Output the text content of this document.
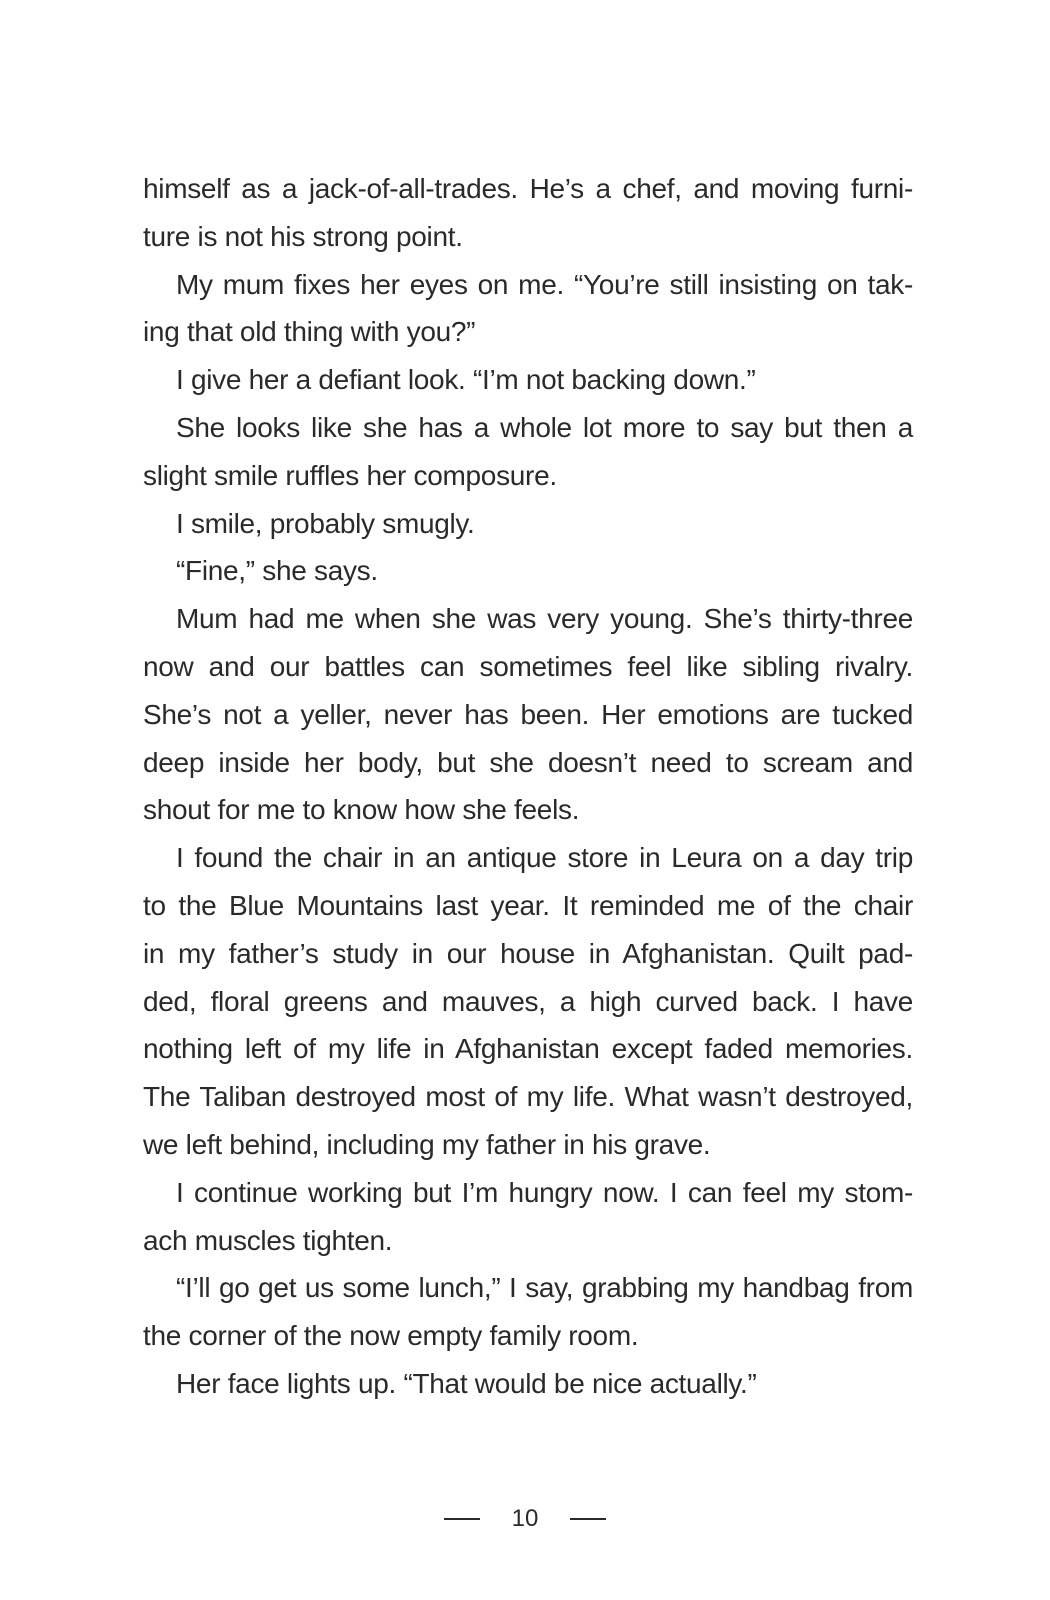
himself as a jack-of-all-trades. He’s a chef, and moving furni-
ture is not his strong point.
My mum fixes her eyes on me. “You’re still insisting on tak-
ing that old thing with you?”
I give her a defiant look. “I’m not backing down.”
She looks like she has a whole lot more to say but then a
slight smile ruffles her composure.
I smile, probably smugly.
“Fine,” she says.
Mum had me when she was very young. She’s thirty-three
now and our battles can sometimes feel like sibling rivalry.
She’s not a yeller, never has been. Her emotions are tucked
deep inside her body, but she doesn’t need to scream and
shout for me to know how she feels.
I found the chair in an antique store in Leura on a day trip
to the Blue Mountains last year. It reminded me of the chair
in my father’s study in our house in Afghanistan. Quilt pad-
ded, floral greens and mauves, a high curved back. I have
nothing left of my life in Afghanistan except faded memories.
The Taliban destroyed most of my life. What wasn’t destroyed,
we left behind, including my father in his grave.
I continue working but I’m hungry now. I can feel my stom-
ach muscles tighten.
“I’ll go get us some lunch,” I say, grabbing my handbag from
the corner of the now empty family room.
Her face lights up. “That would be nice actually.”
10
